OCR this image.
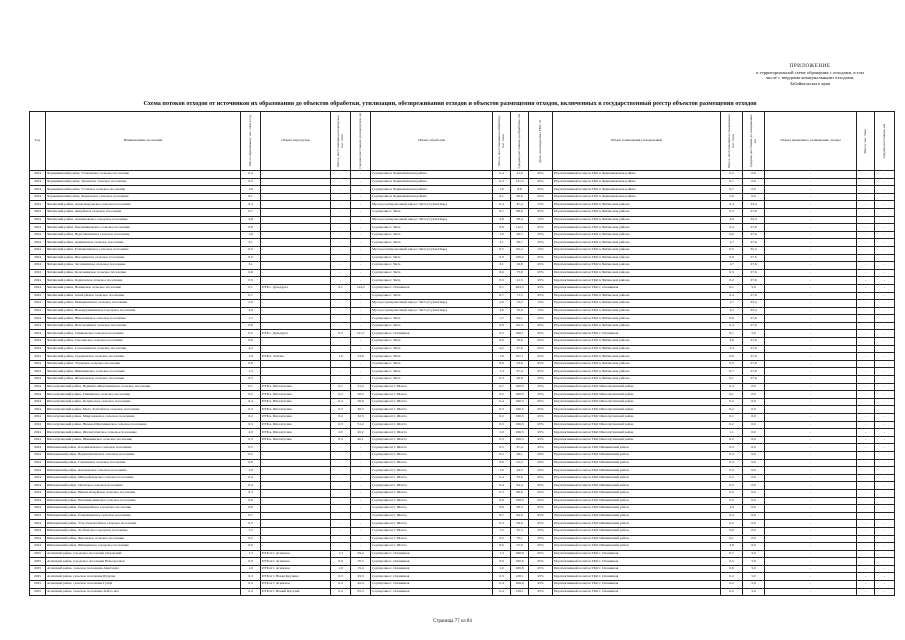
ПРИЛОЖЕНИЕ
к территориальной схеме обращения с отходами, в том
числе с твердыми коммунальными отходами,
Забайкальского края
Схема потоков отходов от источников их образования до объектов обработки, утилизации, обезвреживания отходов и объектов размещения отходов, включенных в государственный реестр объектов размещения отходов
Год	Наименование поселения	Масса образования, тыс. тонн в год	Объект перегрузки	Масса, поступающая на перегрузку, тыс. тонн	Среднее расстояние до перегрузки, км	Объект обработки	Масса, поступающая на обработку, тыс. тонн	Среднее расстояние до обработки, км	Доля утилизируемых ТКО, %	Объект размещения (захоронения)	Масса, поступающая на захоронение, тыс. тонн	Среднее расстояние до захоронения, км	Объект временного размещения, склады	Масса, тыс. тонн	Среднее расстояние, км

2024	Чернышевский район, Утеженское сельское поселение	0,4	-	-	-	Сортировка в Чернышевском районе	0,4	41,0	45%	Перспективный полигон ТКО в Чернышевском районе	0,2	0,0	-	-	-
2024	Чернышевский район, Урюмское сельское поселение	0,3	-	-	-	Сортировка в Чернышевском районе	0,3	131,5	45%	Перспективный полигон ТКО в Чернышевском районе	0,1	0,0	-	-	-
2024	Чернышевский район, Утанское сельское поселение	1,6	-	-	-	Сортировка в Чернышевском районе	1,6	8,6	45%	Перспективный полигон ТКО в Чернышевском районе	0,7	0,0	-	-	-
2024	Чернышевский район, Черновское сельское поселение	9,1	-	-	-	Сортировка в Чернышевском районе	9,1	20,6	45%	Перспективный полигон ТКО в Чернышевском районе	5,0	0,0	-	-	-
2024	Читинский район, Александровское сельское поселение	0,4	-	-	-	Мусоросортировочный завод г. Чита (Сухая Падь)	0,4	47,4	15%	Перспективный полигон ТКО в Читинском районе	0,4	35,4	-	-	-
2024	Читинский район, Аннуйское сельское поселение	0,7	-	-	-	Сортировка г. Чита	0,7	89,6	45%	Перспективный полигон ТКО в Читинском районе	0,3	27,6	-	-	-
2024	Читинский район, Атамановское городское поселение	4,8	-	-	-	Мусоросортировочный завод г. Чита (Сухая Падь)	4,8	38,4	15%	Перспективный полигон ТКО в Читинском районе	4,0	35,4	-	-	-
2024	Читинский район, Беклемишевское сельское поселение	0,8	-	-	-	Сортировка г. Чита	0,8	112,1	45%	Перспективный полигон ТКО в Читинском районе	0,4	27,6	-	-	-
2024	Читинский район, Верх-Читинское сельское поселение	1,0	-	-	-	Сортировка г. Чита	1,0	26,5	45%	Перспективный полигон ТКО в Читинском районе	0,6	27,6	-	-	-
2024	Читинский район, Домнинское сельское поселение	3,1	-	-	-	Сортировка г. Чита	3,1	36,7	45%	Перспективный полигон ТКО в Читинском районе	1,7	27,6	-	-	-
2024	Читинский район, Елизаветинское сельское поселение	0,5	-	-	-	Мусоросортировочный завод г. Чита (Сухая Падь)	0,5	65,2	15%	Перспективный полигон ТКО в Читинском районе	0,5	35,4	-	-	-
2024	Читинский район, Ингодинское сельское поселение	0,0	-	-	-	Сортировка г. Чита	0,0	106,4	45%	Перспективный полигон ТКО в Читинском районе	0,0	27,6	-	-	-
2024	Читинский район, Засопкинское сельское поселение	3,1	-	-	-	Сортировка г. Чита	3,1	16,8	45%	Перспективный полигон ТКО в Читинском районе	1,7	27,6	-	-	-
2024	Читинский район, Колочнинское сельское поселение	0,6	-	-	-	Сортировка г. Чита	0,6	75,8	45%	Перспективный полигон ТКО в Читинском районе	0,3	27,6	-	-	-
2024	Читинский район, Карповское сельское поселение	0,3	-	-	-	Сортировка г. Чита	0,3	41,5	45%	Перспективный полигон ТКО в Читинском районе	0,2	27,6	-	-	-
2024	Читинский район, Новинское сельское поселение	0,1	ПТБ г. Дульдурга	0,1	144,3	Сортировка г. Оловянная	0,1	284,5	45%	Перспективный полигон ТКО г. Оловянная	0,1	5,0	-	-	-
2024	Читинский район, Оленгуйское сельское поселение	0,7	-	-	-	Сортировка г. Чита	0,7	71,5	45%	Перспективный полигон ТКО в Читинском районе	0,4	27,6	-	-	-
2024	Читинский район, Маккавеевское сельское поселение	2,0	-	-	-	Мусоросортировочный завод г. Чита (Сухая Падь)	2,0	72,2	15%	Перспективный полигон ТКО в Читинском районе	1,7	35,4	-	-	-
2024	Читинский район, Новокручининское городское поселение	4,9	-	-	-	Мусоросортировочный завод г. Чита (Сухая Падь)	4,9	70,9	15%	Перспективный полигон ТКО в Читинском районе	4,2	35,4	-	-	-
2024	Читинский район, Николаевское сельское поселение	1,7	-	-	-	Сортировка г. Чита	1,7	64,1	45%	Перспективный полигон ТКО в Читинском районе	0,9	27,6	-	-	-
2024	Читинский район, Новотроицкое сельское поселение	0,8	-	-	-	Сортировка г. Чита	0,8	62,3	45%	Перспективный полигон ТКО в Читинском районе	0,4	27,6	-	-	-
2024	Читинский район, Сивяковское сельское поселение	0,2	ПТБ г. Дульдурга	0,2	121,7	Сортировка г. Оловянная	0,2	166,1	45%	Перспективный полигон ТКО г. Оловянная	0,1	5,0	-	-	-
2024	Читинский район, Смоленское сельское поселение	6,6	-	-	-	Сортировка г. Чита	6,6	18,6	45%	Перспективный полигон ТКО в Читинском районе	3,6	27,6	-	-	-
2024	Читинский район, Сохондинское сельское поселение	4,2	-	-	-	Сортировка г. Чита	4,2	27,6	45%	Перспективный полигон ТКО в Читинском районе	2,3	27,6	-	-	-
2024	Читинский район, Средненское сельское поселение	1,0	ПТБ в. Хапчак	1,0	34,9	Сортировка г. Чита	1,0	107,1	45%	Перспективный полигон ТКО в Читинском районе	0,6	27,6	-	-	-
2024	Читинский район, Угданское сельское поселение	0,9	-	-	-	Сортировка г. Чита	0,9	23,6	45%	Перспективный полигон ТКО в Читинском районе	0,5	27,6	-	-	-
2024	Читинский район, Шишкинское сельское поселение	1,3	-	-	-	Сортировка г. Чита	1,3	47,4	45%	Перспективный полигон ТКО в Читинском районе	0,7	27,6	-	-	-
2024	Читинский район, Яблоновское сельское поселение	0,3	-	-	-	Сортировка г. Чита	0,3	26,8	45%	Перспективный полигон ТКО в Читинском районе	0,1	27,6	-	-	-
2024	Шелопугинский район, Вершино-Шахтаминское сельское поселение	0,7	ПТБ в. Шелопугино	0,7	31,2	Сортировка пгт. Шахта	0,7	166,3	45%	Перспективный полигон ТКО Шелопугинский район	0,4	0,0	-	-	-
2024	Шелопугинский район, Глинянское сельское поселение	0,2	ПТБ в. Шелопугино	0,2	26,2	Сортировка пгт. Шахта	0,2	166,3	45%	Перспективный полигон ТКО Шелопугинский район	0,1	0,0	-	-	-
2024	Шелопугинский район, Копуньское сельское поселение	0,4	ПТБ в. Шелопугино	0,4	56,9	Сортировка пгт. Шахта	0,4	166,3	45%	Перспективный полигон ТКО Шелопугинский район	0,2	0,0	-	-	-
2024	Шелопугинский район, Мало-Тонтойское сельское поселение	0,3	ПТБ в. Шелопугино	0,3	48,3	Сортировка пгт. Шахта	0,3	166,3	45%	Перспективный полигон ТКО Шелопугинский район	0,2	0,0	-	-	-
2024	Шелопугинский район, Мирсановское сельское поселение	0,2	ПТБ в. Шелопугино	0,2	32,3	Сортировка пгт. Шахта	0,2	166,3	45%	Перспективный полигон ТКО Шелопугинский район	0,1	0,0	-	-	-
2024	Шелопугинский район, Нижне-Шахтаминское сельское поселение	0,3	ПТБ в. Шелопугино	0,3	51,2	Сортировка пгт. Шахта	0,3	166,3	45%	Перспективный полигон ТКО Шелопугинский район	0,2	0,0	-	-	-
2024	Шелопугинский район, Шелопугинское сельское поселение	2,0	ПТБ в. Шелопугино	2,0	20,2	Сортировка пгт. Шахта	2,0	166,3	45%	Перспективный полигон ТКО Шелопугинский район	1,1	0,0	-	-	-
2024	Шелопугинский район, Шивиинское сельское поселение	0,3	ПТБ в. Шелопугино	0,3	40,1	Сортировка пгт. Шахта	0,3	166,3	45%	Перспективный полигон ТКО Шелопугинский район	0,2	0,0	-	-	-
2024	Шилкинский район, Богомягковское сельское поселение	0,5	-	-	-	Сортировка пгт. Шахта	0,5	47,4	45%	Перспективный полигон ТКО Шилкинский район	0,3	0,0	-	-	-
2024	Шилкинский район, Верхнехилинское сельское поселение	0,5	-	-	-	Сортировка пгт. Шахта	0,5	36,1	45%	Перспективный полигон ТКО Шилкинский район	0,3	0,0	-	-	-
2024	Шилкинский район, Галкинское сельское поселение	0,6	-	-	-	Сортировка пгт. Шахта	0,6	52,2	45%	Перспективный полигон ТКО Шилкинский район	0,3	0,0	-	-	-
2024	Шилкинский район, Казановское сельское поселение	1,0	-	-	-	Сортировка пгт. Шахта	1,0	44,3	45%	Перспективный полигон ТКО Шилкинский район	0,5	0,0	-	-	-
2024	Шилкинский район, Митрофановское сельское поселение	0,4	-	-	-	Сортировка пгт. Шахта	0,4	33,6	45%	Перспективный полигон ТКО Шилкинский район	0,2	0,0	-	-	-
2024	Шилкинский район, Ононское сельское поселение	0,4	-	-	-	Сортировка пгт. Шахта	0,4	64,4	45%	Перспективный полигон ТКО Шилкинский район	0,2	0,0	-	-	-
2024	Шилкинский район, Нижне-Кокуйское сельское поселение	0,3	-	-	-	Сортировка пгт. Шахта	0,3	88,6	45%	Перспективный полигон ТКО Шилкинский район	0,2	0,0	-	-	-
2024	Шилкинский район, Новоширокинское сельское поселение	0,9	-	-	-	Сортировка пгт. Шахта	0,9	108,3	45%	Перспективный полигон ТКО Шилкинский район	0,5	0,0	-	-	-
2024	Шилкинский район, Первомайское городское поселение	8,8	-	-	-	Сортировка пгт. Шахта	8,8	48,3	45%	Перспективный полигон ТКО Шилкинский район	4,8	0,0	-	-	-
2024	Шилкинский район, Размахнинское сельское поселение	0,7	-	-	-	Сортировка пгт. Шахта	0,7	64,0	45%	Перспективный полигон ТКО Шилкинский район	0,4	0,0	-	-	-
2024	Шилкинский район, Усть-Теленгуйское сельское поселение	0,3	-	-	-	Сортировка пгт. Шахта	0,3	59,0	45%	Перспективный полигон ТКО Шилкинский район	0,2	0,0	-	-	-
2024	Шилкинский район, Холбонское городское поселение	1,5	-	-	-	Сортировка пгт. Шахта	1,5	35,3	45%	Перспективный полигон ТКО Шилкинский район	0,8	0,0	-	-	-
2024	Шилкинский район, Чиронское сельское поселение	0,2	-	-	-	Сортировка пгт. Шахта	0,2	70,1	45%	Перспективный полигон ТКО Шилкинский район	0,1	0,0	-	-	-
2024	Шилкинский район, Шилкинское городское поселение	8,6	-	-	-	Сортировка пгт. Шахта	8,6	52,9	45%	Перспективный полигон ТКО Шилкинский район	4,8	0,0	-	-	-
2025	Агинский район, городское поселение Орловский	1,3	ПТБ пгт. Агинское	1,3	29,2	Сортировка г. Оловянная	1,3	180,0	45%	Перспективный полигон ТКО г. Оловянная	0,7	5,0	-	-	-
2025	Агинский район, городское поселение Новоорловск	0,9	ПТБ пгт. Агинское	0,9	70,5	Сортировка г. Оловянная	0,9	190,0	45%	Перспективный полигон ТКО г. Оловянная	0,5	5,0	-	-	-
2025	Агинский район, сельское поселение Амитхаша	1,0	ПТБ пгт. Агинское	1,0	15,4	Сортировка г. Оловянная	1,0	106,8	45%	Перспективный полигон ТКО г. Оловянная	0,6	5,0	-	-	-
2025	Агинский район, сельское поселение Будулан	0,3	ПТБ пгт. Новая Кручина	0,3	29,3	Сортировка г. Оловянная	0,3	128,1	45%	Перспективный полигон ТКО г. Оловянная	0,2	5,0	-	-	-
2025	Агинский район, сельское поселение Гунэй	0,4	ПТБ пгт. Агинское	0,4	42,4	Сортировка г. Оловянная	0,4	106,0	45%	Перспективный полигон ТКО г. Оловянная	0,2	5,0	-	-	-
2025	Агинский район, сельское поселение Хойто-Ага	0,4	ПТБ пгт. Новый Цасучей	0,4	65,3	Сортировка г. Оловянная	0,4	128,1	45%	Перспективный полигон ТКО г. Оловянная	0,2	5,0	-	-	-
Страница 77 из 84
